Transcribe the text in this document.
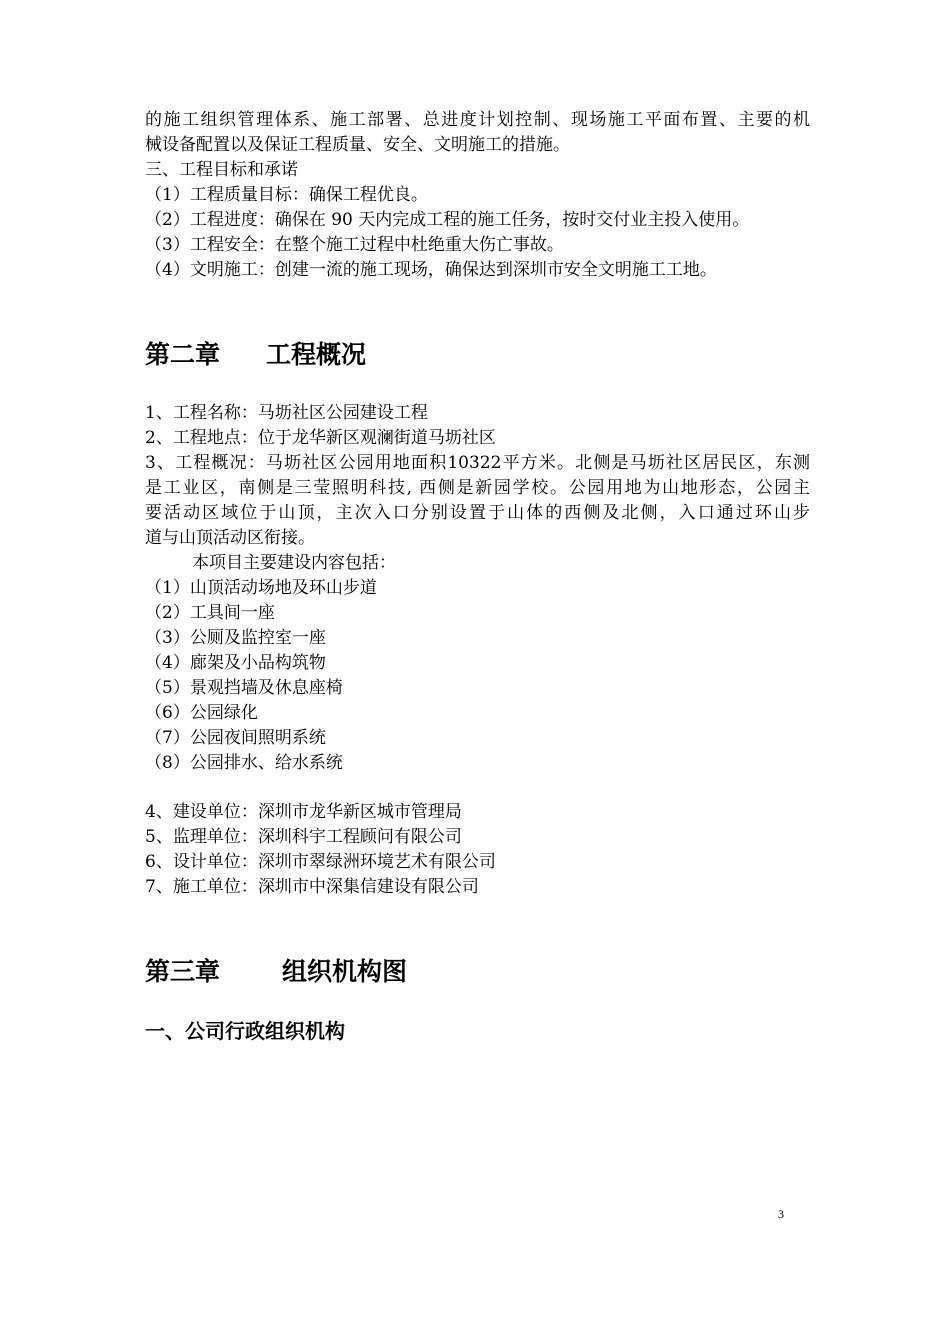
的施工组织管理体系、施工部署、总进度计划控制、现场施工平面布置、主要的机
械设备配置以及保证工程质量、安全、文明施工的措施。
三、工程目标和承诺
（1）工程质量目标：确保工程优良。
（2）工程进度：确保在 90 天内完成工程的施工任务，按时交付业主投入使用。
（3）工程安全：在整个施工过程中杜绝重大伤亡事故。
（4）文明施工：创建一流的施工现场，确保达到深圳市安全文明施工工地。
第二章 工程概况
1、工程名称：马坜社区公园建设工程
2、工程地点：位于龙华新区观澜街道马坜社区
3、工程概况：马坜社区公园用地面积10322平方米。北侧是马坜社区居民区，东测
是工业区，南侧是三莹照明科技, 西侧是新园学校。公园用地为山地形态，公园主
要活动区域位于山顶，主次入口分别设置于山体的西侧及北侧，入口通过环山步
道与山顶活动区衔接。
本项目主要建设内容包括：
（1）山顶活动场地及环山步道
（2）工具间一座
（3）公厕及监控室一座
（4）廊架及小品构筑物
（5）景观挡墙及休息座椅
（6）公园绿化
（7）公园夜间照明系统
（8）公园排水、给水系统
4、建设单位：深圳市龙华新区城市管理局
5、监理单位：深圳科宇工程顾问有限公司
6、设计单位：深圳市翠绿洲环境艺术有限公司
7、施工单位：深圳市中深集信建设有限公司
第三章 组织机构图
一、公司行政组织机构
3
